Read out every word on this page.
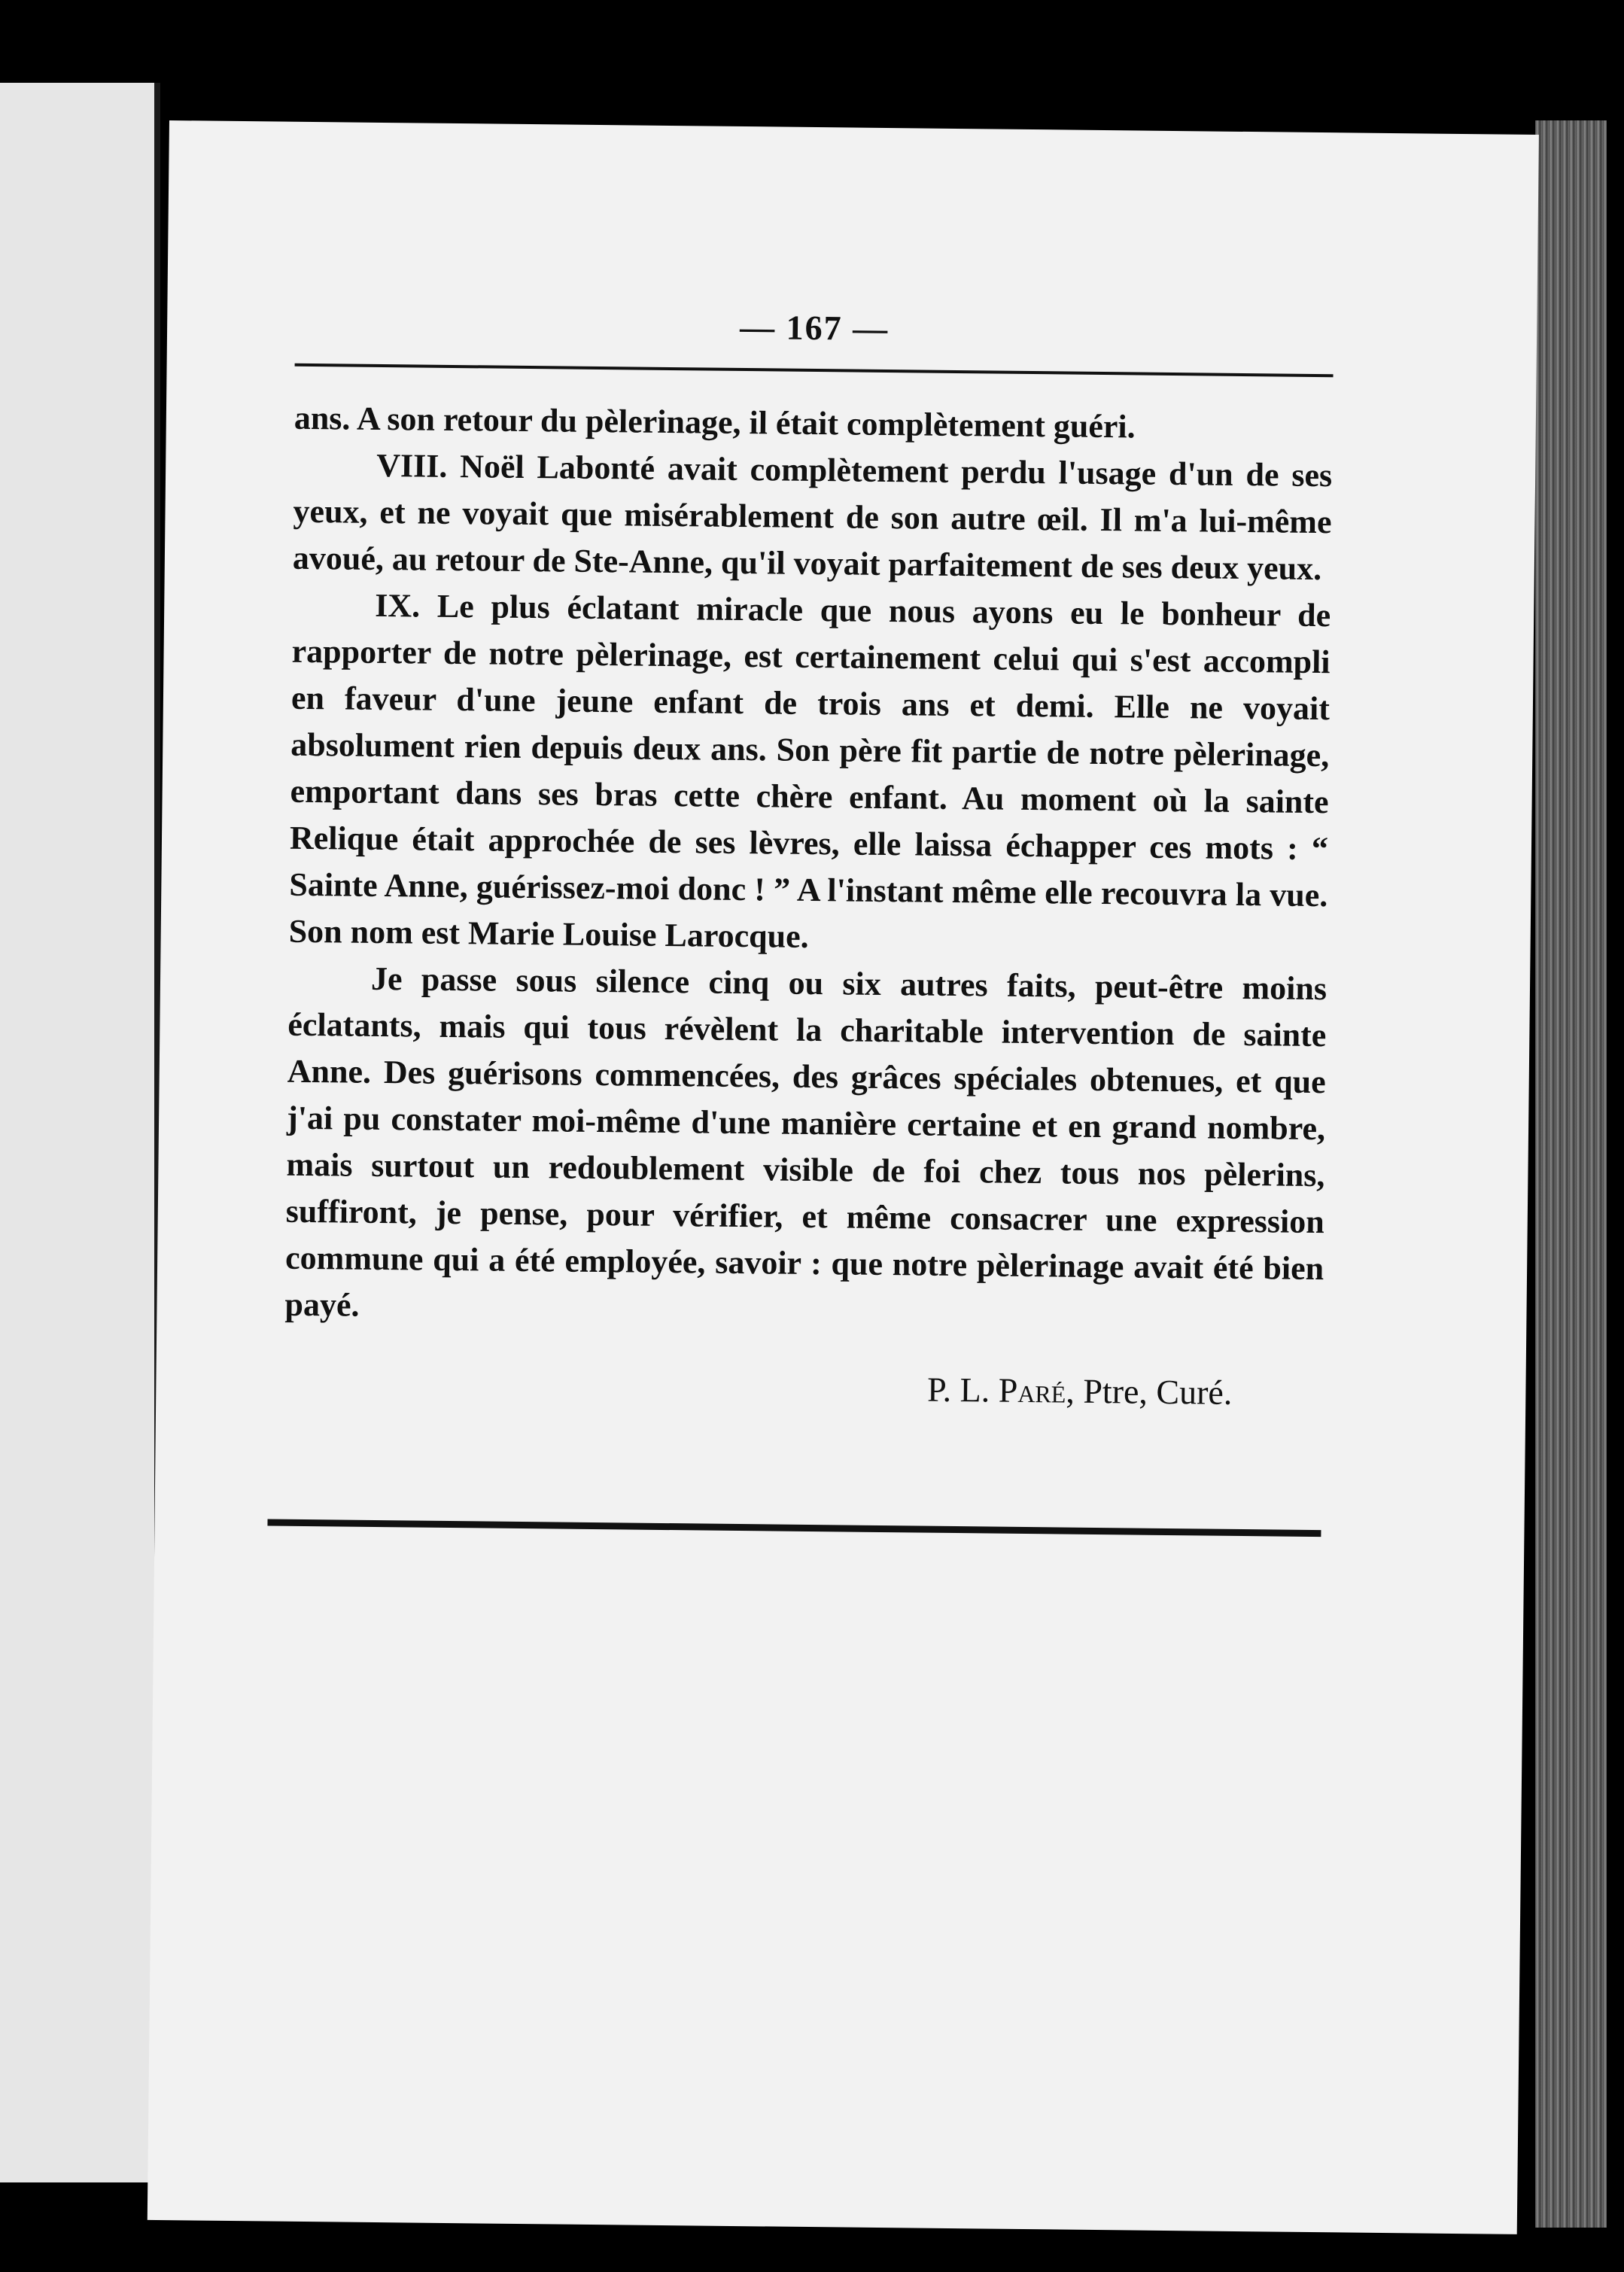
— 167 —

ans. A son retour du pèlerinage, il était complètement guéri.

VIII. Noël Labonté avait complètement perdu l'usage d'un de ses yeux, et ne voyait que misérablement de son autre œil. Il m'a lui-même avoué, au retour de Ste-Anne, qu'il voyait parfaitement de ses deux yeux.

IX. Le plus éclatant miracle que nous ayons eu le bonheur de rapporter de notre pèlerinage, est certainement celui qui s'est accompli en faveur d'une jeune enfant de trois ans et demi. Elle ne voyait absolument rien depuis deux ans. Son père fit partie de notre pèlerinage, emportant dans ses bras cette chère enfant. Au moment où la sainte Relique était approchée de ses lèvres, elle laissa échapper ces mots : “ Sainte Anne, guérissez-moi donc ! ” A l'instant même elle recouvra la vue. Son nom est Marie Louise Larocque.

Je passe sous silence cinq ou six autres faits, peut-être moins éclatants, mais qui tous révèlent la charitable intervention de sainte Anne. Des guérisons commencées, des grâces spéciales obtenues, et que j'ai pu constater moi-même d'une manière certaine et en grand nombre, mais surtout un redoublement visible de foi chez tous nos pèlerins, suffiront, je pense, pour vérifier, et même consacrer une expression commune qui a été employée, savoir : que notre pèlerinage avait été bien payé.

P. L. Paré, Ptre, Curé.
